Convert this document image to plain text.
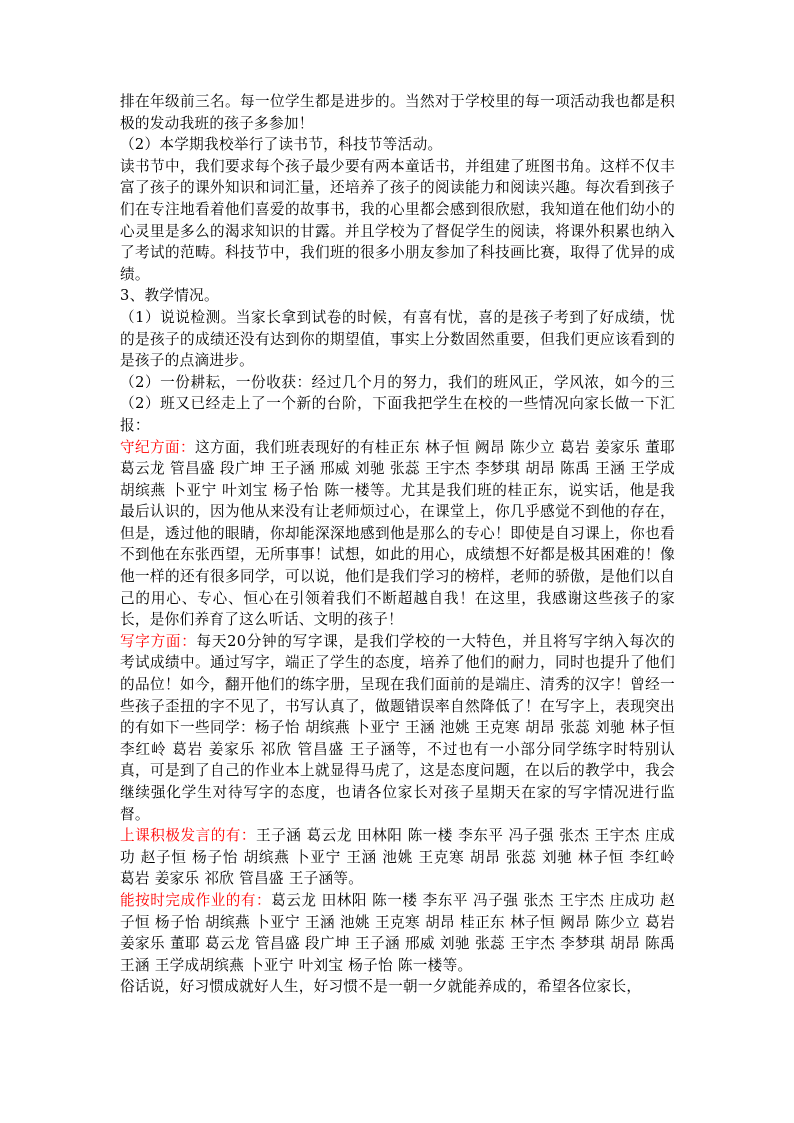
排在年级前三名。每一位学生都是进步的。当然对于学校里的每一项活动我也都是积极的发动我班的孩子多参加！

（2）本学期我校举行了读书节，科技节等活动。

读书节中，我们要求每个孩子最少要有两本童话书，并组建了班图书角。这样不仅丰富了孩子的课外知识和词汇量，还培养了孩子的阅读能力和阅读兴趣。每次看到孩子们在专注地看着他们喜爱的故事书，我的心里都会感到很欣慰，我知道在他们幼小的心灵里是多么的渴求知识的甘露。并且学校为了督促学生的阅读，将课外积累也纳入了考试的范畴。科技节中，我们班的很多小朋友参加了科技画比赛，取得了优异的成绩。

3、教学情况。

（1）说说检测。当家长拿到试卷的时候，有喜有忧，喜的是孩子考到了好成绩，忧的是孩子的成绩还没有达到你的期望值，事实上分数固然重要，但我们更应该看到的是孩子的点滴进步。

（2）一份耕耘，一份收获：经过几个月的努力，我们的班风正，学风浓，如今的三（2）班又已经走上了一个新的台阶，下面我把学生在校的一些情况向家长做一下汇报：

守纪方面：这方面，我们班表现好的有桂正东 林子恒 阙昂 陈少立 葛岩 姜家乐 董耶 葛云龙 管昌盛 段广坤 王子涵 邢威 刘驰 张蕊 王宇杰 李梦琪 胡昂 陈禹 王涵 王学成 胡缤燕 卜亚宁 叶刘宝 杨子怡 陈一楼等。尤其是我们班的桂正东，说实话，他是我最后认识的，因为他从来没有让老师烦过心，在课堂上，你几乎感觉不到他的存在，但是，透过他的眼睛，你却能深深地感到他是那么的专心！即使是自习课上，你也看不到他在东张西望，无所事事！试想，如此的用心，成绩想不好都是极其困难的！像他一样的还有很多同学，可以说，他们是我们学习的榜样，老师的骄傲，是他们以自己的用心、专心、恒心在引领着我们不断超越自我！在这里，我感谢这些孩子的家长，是你们养育了这么听话、文明的孩子！

写字方面：每天20分钟的写字课，是我们学校的一大特色，并且将写字纳入每次的考试成绩中。通过写字，端正了学生的态度，培养了他们的耐力，同时也提升了他们的品位！如今，翻开他们的练字册，呈现在我们面前的是端庄、清秀的汉字！曾经一些孩子歪扭的字不见了，书写认真了，做题错误率自然降低了！在写字上，表现突出的有如下一些同学：杨子怡 胡缤燕 卜亚宁 王涵 池姚 王克寒 胡昂 张蕊 刘驰 林子恒 李红岭 葛岩 姜家乐 祁欣 管昌盛 王子涵等，不过也有一小部分同学练字时特别认真，可是到了自己的作业本上就显得马虎了，这是态度问题，在以后的教学中，我会继续强化学生对待写字的态度，也请各位家长对孩子星期天在家的写字情况进行监督。

上课积极发言的有：王子涵 葛云龙 田林阳 陈一楼 李东平 冯子强 张杰 王宇杰 庄成功 赵子恒 杨子怡 胡缤燕 卜亚宁 王涵 池姚 王克寒 胡昂 张蕊 刘驰 林子恒 李红岭 葛岩 姜家乐 祁欣 管昌盛 王子涵等。

能按时完成作业的有：葛云龙 田林阳 陈一楼 李东平 冯子强 张杰 王宇杰 庄成功 赵子恒 杨子怡 胡缤燕 卜亚宁 王涵 池姚 王克寒 胡昂 桂正东 林子恒 阙昂 陈少立 葛岩 姜家乐 董耶 葛云龙 管昌盛 段广坤 王子涵 邢威 刘驰 张蕊 王宇杰 李梦琪 胡昂 陈禹 王涵 王学成胡缤燕 卜亚宁 叶刘宝 杨子怡 陈一楼等。

俗话说，好习惯成就好人生，好习惯不是一朝一夕就能养成的，希望各位家长，
